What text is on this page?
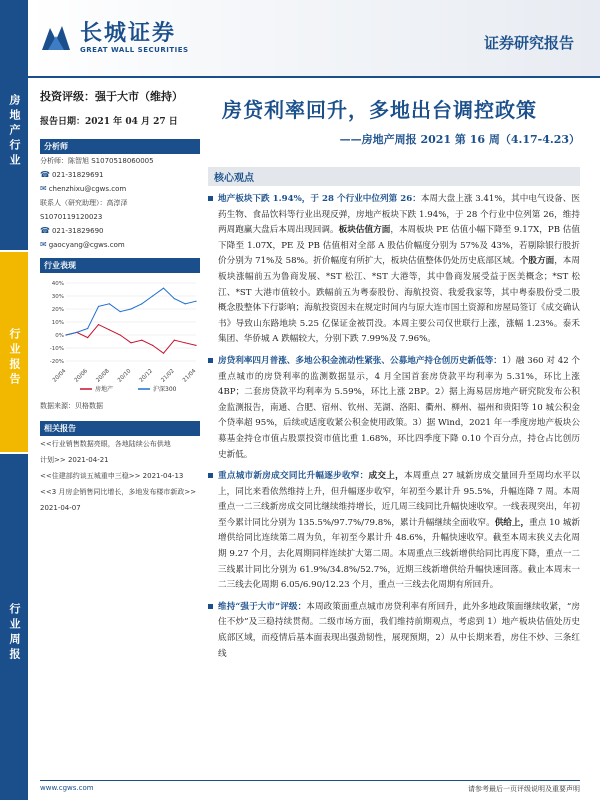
房地产行业
行业报告
行业周报
长城证券
GREAT WALL SECURITIES	证券研究报告
投资评级：强于大市（维持）
报告日期：2021 年 04 月 27 日
分析师

分析师：陈智旭 S1070518060005

☎ 021-31829691

✉ chenzhixu@cgws.com

联系人（研究助理）：高淳泽

S1070119120023

☎ 021-31829690

✉ gaocyang@cgws.com

行业表现
40%
30%
20%
10%
0%
-10%
-20%
20/04 20/06 20/08 20/10 20/12 21/02 21/04
房地产	沪深300
数据来源：贝格数据
相关报告

<<行业销售数据亮眼，各地陆续公布供地

计划>> 2021-04-21

<<住建部约谈五城重申三稳>> 2021-04-13

<<3 月房企销售同比增长，多地发布楼市新政>>

2021-04-07

房贷利率回升，多地出台调控政策
——房地产周报 2021 第 16 周（4.17-4.23）
核心观点
地产板块下跌 1.94%，于 28 个行业中位列第 26：本周大盘上涨 3.41%，其中电气设备、医药生物、食品饮料等行业出现反弹，房地产板块下跌 1.94%，于 28 个行业中位列第 26，维持两周跑赢大盘后本周出现回调。板块估值方面，本周板块 PE 估值小幅下降至 9.17X，PB 估值下降至 1.07X，PE 及 PB 估值相对全部 A 股估价幅度分别为 57%及 43%，若剔除银行股折价分别为 71%及 58%。折价幅度有所扩大，板块估值整体仍处历史底部区域。个股方面，本周板块涨幅前五为鲁商发展、*ST 松江、*ST 大港等，其中鲁商发展受益于医美概念；*ST 松江、*ST 大港市值较小。跌幅前五为粤泰股份、海航投资、我爱我家等，其中粤泰股份受二股概念股整体下行影响；海航投资因未在规定时间内与原大连市国土资源和房屋局签订《成交确认书》导致山东路地块 5.25 亿保证金被罚没。本周主要公司仅世联行上涨，涨幅 1.23%。泰禾集团、华侨城 A 跌幅较大，分别下跌 7.99%及 7.96%。
房贷利率四月普涨、多地公积金流动性紧张、公募地产持仓创历史新低等：1）融 360 对 42 个重点城市的房贷利率的监测数据显示，4 月全国首套房贷款平均利率为 5.31%，环比上涨 4BP；二套房贷款平均利率为 5.59%，环比上涨 2BP。2）据上海易居房地产研究院发布公积金监测报告，南通、合肥、宿州、钦州、芜湖、洛阳、衢州、柳州、福州和贵阳等 10 城公积金个贷率超 95%，后续或适度收紧公积金使用政策。3）据 Wind，2021 年一季度房地产板块公募基金持仓市值占股票投资市值比重 1.68%，环比四季度下降 0.10 个百分点，持仓占比创历史新低。
重点城市新房成交同比升幅逐步收窄：成交上，本周重点 27 城新房成交量回升至周均水平以上，同比来看依然维持上升，但升幅逐步收窄，年初至今累计升 95.5%，升幅连降 7 周。本周重点一二三线新房成交同比继续维持增长，近几周三线同比升幅快速收窄。一线表现突出，年初至今累计同比分别为 135.5%/97.7%/79.8%，累计升幅继续全面收窄。供给上，重点 10 城新增供给同比连续第二周为负，年初至今累计升 48.6%，升幅快速收窄。截至本周末狭义去化周期 9.27 个月，去化周期同样连续扩大第二周。本周重点三线新增供给同比再度下降，重点一二三线累计同比分别为 61.9%/34.8%/52.7%，近期三线新增供给升幅快速回落。截止本周末一二三线去化周期 6.05/6.90/12.23 个月，重点一三线去化周期有所回升。
维持“强于大市”评级：本周政策面重点城市房贷利率有所回升，此外多地政策面继续收紧，“房住不炒”及三稳持续贯彻。二级市场方面，我们维持前期观点，考虑到 1）地产板块估值处历史底部区域，而疫情后基本面表现出强劲韧性，展现预期，2）从中长期来看，房住不炒、三条红线
www.cgws.com	请参考最后一页评级说明及重要声明
